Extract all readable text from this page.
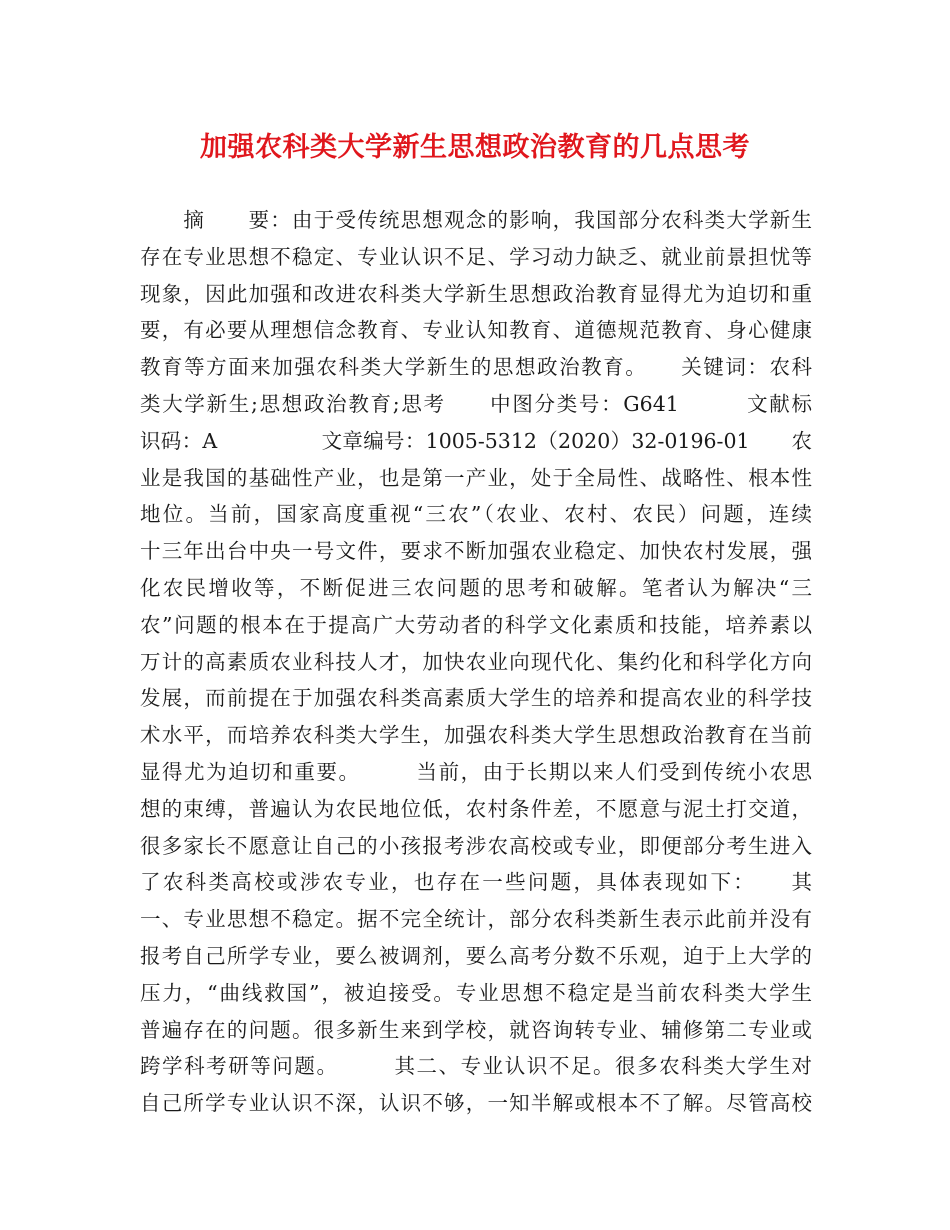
加强农科类大学新生思想政治教育的几点思考
　　摘　　要：由于受传统思想观念的影响，我国部分农科类大学新生
存在专业思想不稳定、专业认识不足、学习动力缺乏、就业前景担忧等
现象，因此加强和改进农科类大学新生思想政治教育显得尤为迫切和重
要，有必要从理想信念教育、专业认知教育、道德规范教育、身心健康
教育等方面来加强农科类大学新生的思想政治教育。　　关键词：农科
类大学新生;思想政治教育;思考　　中图分类号：G641　　　文献标
识码：A　　　　　文章编号：1005-5312（2020）32-0196-01　　农
业是我国的基础性产业，也是第一产业，处于全局性、战略性、根本性
地位。当前，国家高度重视“三农”（农业、农村、农民）问题，连续
十三年出台中央一号文件，要求不断加强农业稳定、加快农村发展，强
化农民增收等，不断促进三农问题的思考和破解。笔者认为解决“三
农”问题的根本在于提高广大劳动者的科学文化素质和技能，培养素以
万计的高素质农业科技人才，加快农业向现代化、集约化和科学化方向
发展，而前提在于加强农科类高素质大学生的培养和提高农业的科学技
术水平，而培养农科类大学生，加强农科类大学生思想政治教育在当前
显得尤为迫切和重要。　　　当前，由于长期以来人们受到传统小农思
想的束缚，普遍认为农民地位低，农村条件差，不愿意与泥土打交道，
很多家长不愿意让自己的小孩报考涉农高校或专业，即便部分考生进入
了农科类高校或涉农专业，也存在一些问题，具体表现如下：　　其
一、专业思想不稳定。据不完全统计，部分农科类新生表示此前并没有
报考自己所学专业，要么被调剂，要么高考分数不乐观，迫于上大学的
压力，“曲线救国”，被迫接受。专业思想不稳定是当前农科类大学生
普遍存在的问题。很多新生来到学校，就咨询转专业、辅修第二专业或
跨学科考研等问题。　　　其二、专业认识不足。很多农科类大学生对
自己所学专业认识不深，认识不够，一知半解或根本不了解。尽管高校
